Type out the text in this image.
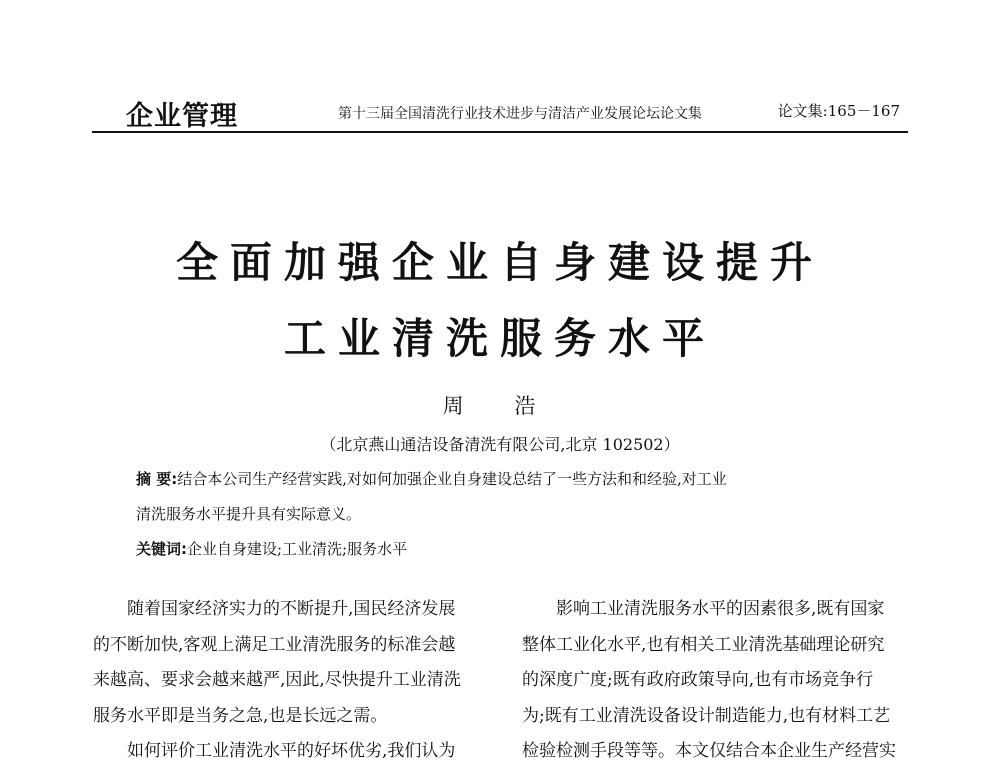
企业管理	第十三届全国清洗行业技术进步与清洁产业发展论坛论文集	论文集:165－167
全面加强企业自身建设提升
工业清洗服务水平
周 浩
（北京燕山通洁设备清洗有限公司,北京 102502）
摘 要:结合本公司生产经营实践,对如何加强企业自身建设总结了一些方法和和经验,对工业
清洗服务水平提升具有实际意义。
关键词:企业自身建设;工业清洗;服务水平
随着国家经济实力的不断提升,国民经济发展
的不断加快,客观上满足工业清洗服务的标准会越
来越高、要求会越来越严,因此,尽快提升工业清洗
服务水平即是当务之急,也是长远之需。
如何评价工业清洗水平的好坏优劣,我们认为
影响工业清洗服务水平的因素很多,既有国家
整体工业化水平,也有相关工业清洗基础理论研究
的深度广度;既有政府政策导向,也有市场竞争行
为;既有工业清洗设备设计制造能力,也有材料工艺
检验检测手段等等。本文仅结合本企业生产经营实
